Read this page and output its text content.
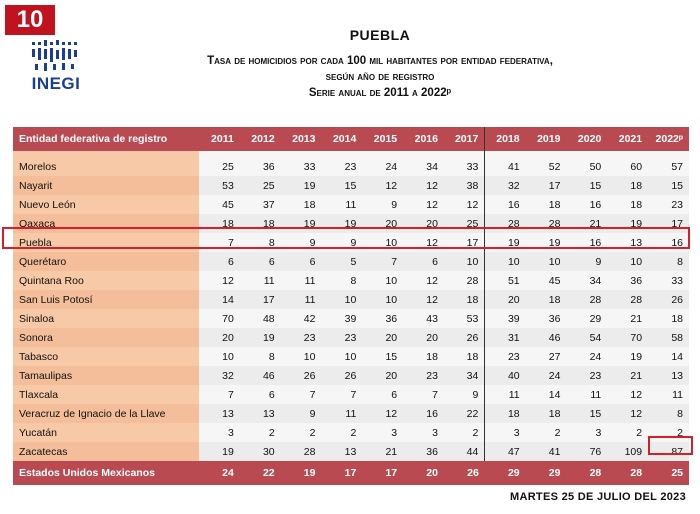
10
INEGI
PUEBLA
Tasa de homicidios por cada 100 mil habitantes por entidad federativa,
según año de registro
Serie anual de 2011 a 2022ᵖ
Entidad federativa de registro	2011	2012	2013	2014	2015	2016	2017	2018	2019	2020	2021	2022ᵖ
Morelos	25	36	33	23	24	34	33	41	52	50	60	57
Nayarit	53	25	19	15	12	12	38	32	17	15	18	15
Nuevo León	45	37	18	11	9	12	12	16	18	16	18	23
Oaxaca	18	18	19	19	20	20	25	28	28	21	19	17
Puebla	7	8	9	9	10	12	17	19	19	16	13	16
Querétaro	6	6	6	5	7	6	10	10	10	9	10	8
Quintana Roo	12	11	11	8	10	12	28	51	45	34	36	33
San Luis Potosí	14	17	11	10	10	12	18	20	18	28	28	26
Sinaloa	70	48	42	39	36	43	53	39	36	29	21	18
Sonora	20	19	23	23	20	20	26	31	46	54	70	58
Tabasco	10	8	10	10	15	18	18	23	27	24	19	14
Tamaulipas	32	46	26	26	20	23	34	40	24	23	21	13
Tlaxcala	7	6	7	7	6	7	9	11	14	11	12	11
Veracruz de Ignacio de la Llave	13	13	9	11	12	16	22	18	18	15	12	8
Yucatán	3	2	2	2	3	3	2	3	2	3	2	2
Zacatecas	19	30	28	13	21	36	44	47	41	76	109	87
Estados Unidos Mexicanos	24	22	19	17	17	20	26	29	29	28	28	25
MARTES 25 DE JULIO DEL 2023
